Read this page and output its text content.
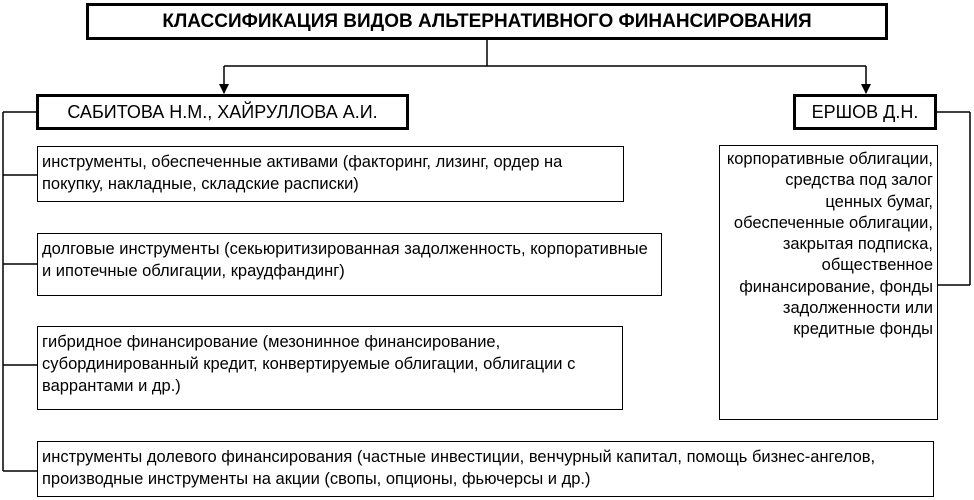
КЛАССИФИКАЦИЯ ВИДОВ АЛЬТЕРНАТИВНОГО ФИНАНСИРОВАНИЯ
САБИТОВА Н.М., ХАЙРУЛЛОВА А.И.	ЕРШОВ Д.Н.
инструменты, обеспеченные активами (факторинг, лизинг, ордер на покупку, накладные, складские расписки)
долговые инструменты (секьюритизированная задолженность, корпоративные и ипотечные облигации, краудфандинг)
гибридное финансирование (мезонинное финансирование, субординированный кредит, конвертируемые облигации, облигации с варрантами и др.)
инструменты долевого финансирования (частные инвестиции, венчурный капитал, помощь бизнес-ангелов, производные инструменты на акции (свопы, опционы, фьючерсы и др.)
корпоративные облигации, средства под залог ценных бумаг, обеспеченные облигации, закрытая подписка, общественное финансирование, фонды задолженности или кредитные фонды
